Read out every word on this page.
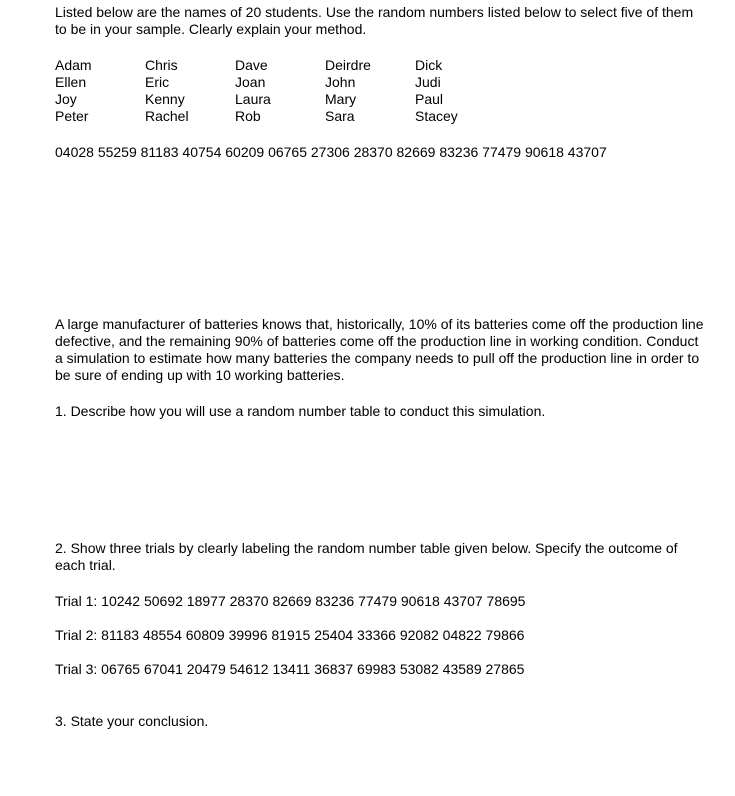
Listed below are the names of 20 students. Use the random numbers listed below to select five of them to be in your sample. Clearly explain your method.

Adam	Chris	Dave	Deirdre	Dick
Ellen	Eric	Joan	John	Judi
Joy	Kenny	Laura	Mary	Paul
Peter	Rachel	Rob	Sara	Stacey
04028 55259 81183 40754 60209 06765 27306 28370 82669 83236 77479 90618 43707

A large manufacturer of batteries knows that, historically, 10% of its batteries come off the production line defective, and the remaining 90% of batteries come off the production line in working condition. Conduct a simulation to estimate how many batteries the company needs to pull off the production line in order to be sure of ending up with 10 working batteries.

1. Describe how you will use a random number table to conduct this simulation.

2. Show three trials by clearly labeling the random number table given below. Specify the outcome of each trial.

Trial 1: 10242 50692 18977 28370 82669 83236 77479 90618 43707 78695
Trial 2: 81183 48554 60809 39996 81915 25404 33366 92082 04822 79866
Trial 3: 06765 67041 20479 54612 13411 36837 69983 53082 43589 27865
3. State your conclusion.
